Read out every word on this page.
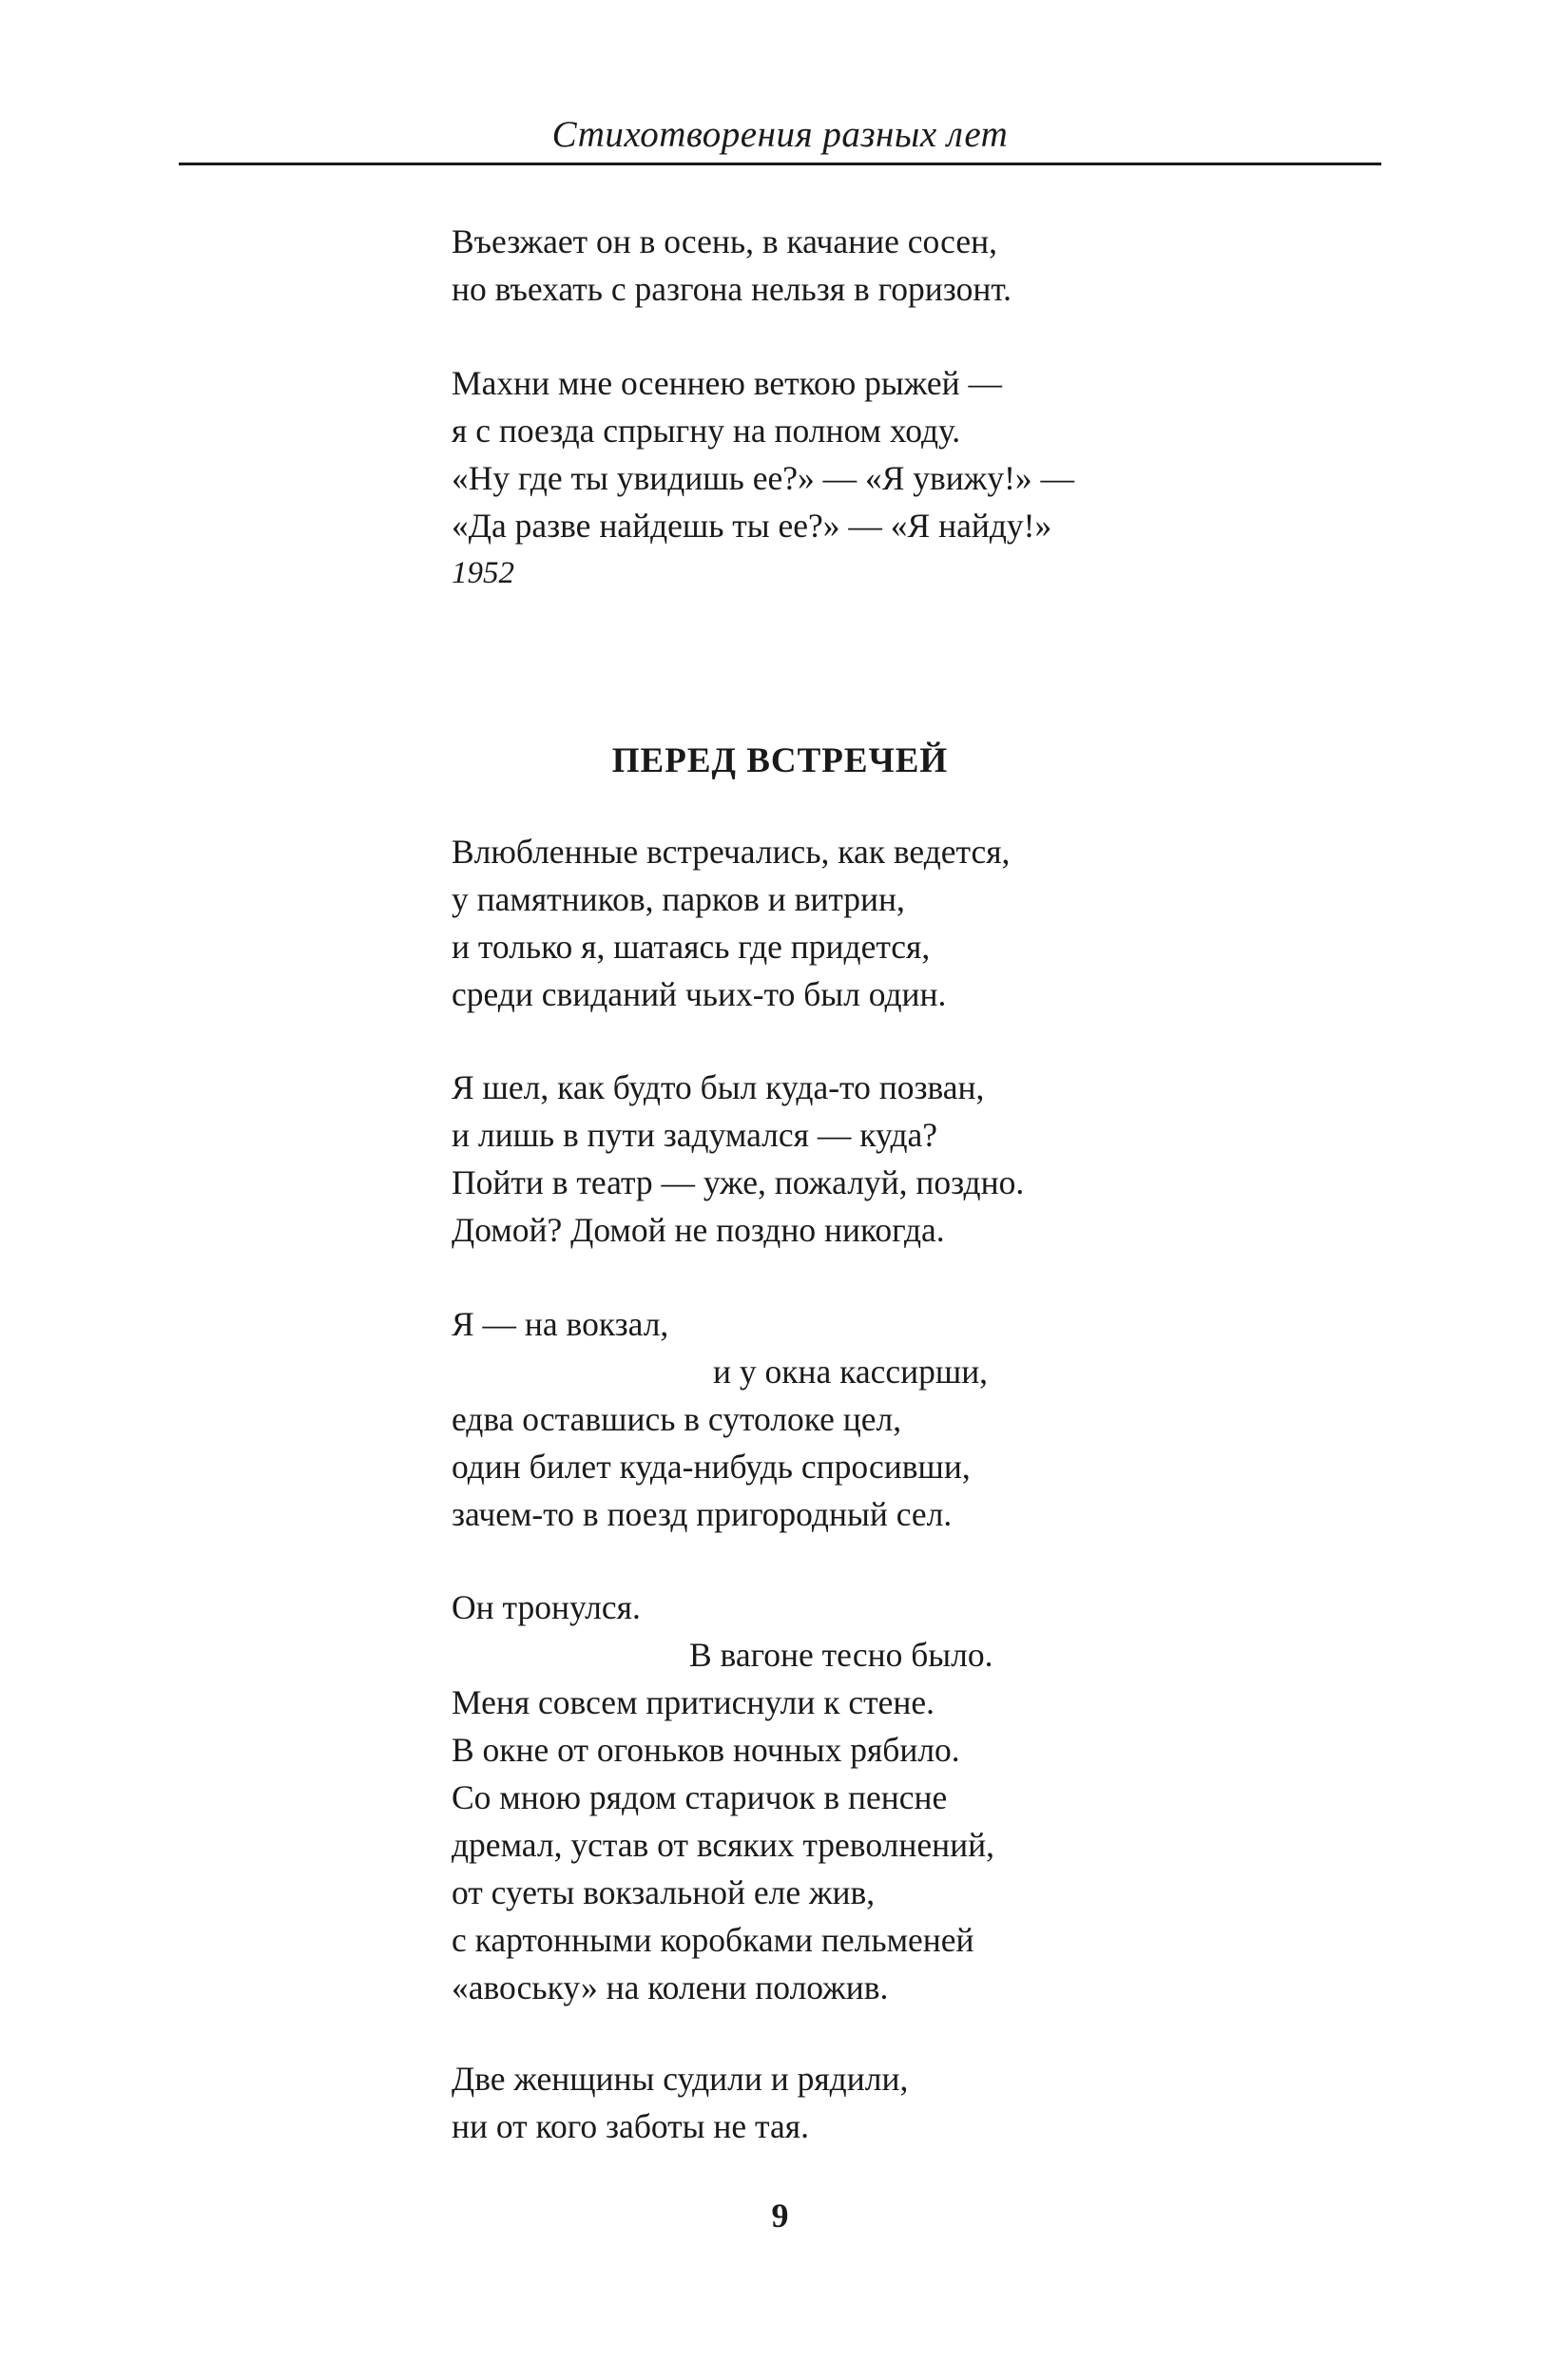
Стихотворения разных лет
Въезжает он в осень, в качание сосен,
но въехать с разгона нельзя в горизонт.
Махни мне осеннею веткою рыжей —
я с поезда спрыгну на полном ходу.
«Ну где ты увидишь ее?» — «Я увижу!» —
«Да разве найдешь ты ее?» — «Я найду!»
1952
ПЕРЕД ВСТРЕЧЕЙ
Влюбленные встречались, как ведется,
у памятников, парков и витрин,
и только я, шатаясь где придется,
среди свиданий чьих-то был один.
Я шел, как будто был куда-то позван,
и лишь в пути задумался — куда?
Пойти в театр — уже, пожалуй, поздно.
Домой? Домой не поздно никогда.
Я — на вокзал,
и у окна кассирши,
едва оставшись в сутолоке цел,
один билет куда-нибудь спросивши,
зачем-то в поезд пригородный сел.
Он тронулся.
В вагоне тесно было.
Меня совсем притиснули к стене.
В окне от огоньков ночных рябило.
Со мною рядом старичок в пенсне
дремал, устав от всяких треволнений,
от суеты вокзальной еле жив,
с картонными коробками пельменей
«авоську» на колени положив.
Две женщины судили и рядили,
ни от кого заботы не тая.
9
